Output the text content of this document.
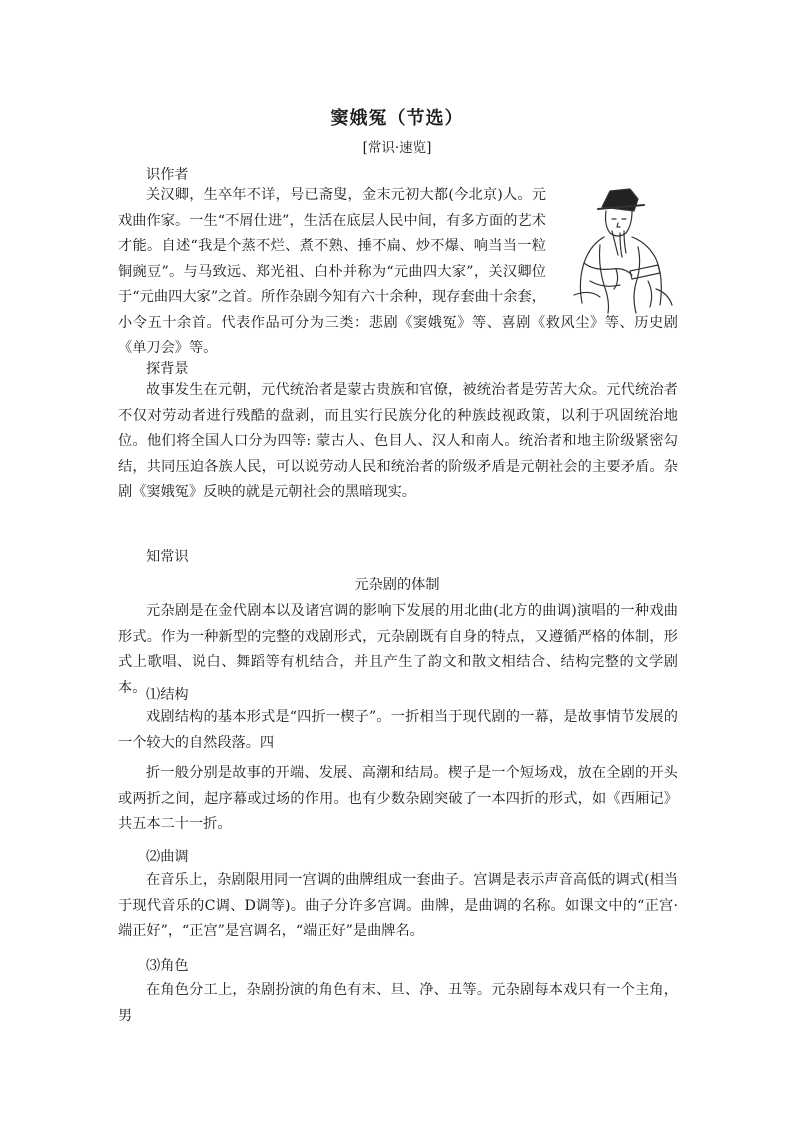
窦娥冤（节选）
[常识·速览]
识作者
关汉卿，生卒年不详，号已斋叟，金末元初大都(今北京)人。元戏曲作家。一生“不屑仕进”，生活在底层人民中间，有多方面的艺术才能。自述“我是个蒸不烂、煮不熟、捶不扁、炒不爆、响当当一粒铜豌豆”。与马致远、郑光祖、白朴并称为“元曲四大家”，关汉卿位于“元曲四大家”之首。所作杂剧今知有六十余种，现存套曲十余套，小令五十余首。代表作品可分为三类：悲剧《窦娥冤》等、喜剧《救风尘》等、历史剧《单刀会》等。
探背景
故事发生在元朝，元代统治者是蒙古贵族和官僚，被统治者是劳苦大众。元代统治者不仅对劳动者进行残酷的盘剥，而且实行民族分化的种族歧视政策，以利于巩固统治地位。他们将全国人口分为四等: 蒙古人、色目人、汉人和南人。统治者和地主阶级紧密勾结，共同压迫各族人民，可以说劳动人民和统治者的阶级矛盾是元朝社会的主要矛盾。杂剧《窦娥冤》反映的就是元朝社会的黑暗现实。
知常识
元杂剧的体制
元杂剧是在金代剧本以及诸宫调的影响下发展的用北曲(北方的曲调)演唱的一种戏曲形式。作为一种新型的完整的戏剧形式，元杂剧既有自身的特点，又遵循严格的体制，形式上歌唱、说白、舞蹈等有机结合，并且产生了韵文和散文相结合、结构完整的文学剧本。 ⑴结构
戏剧结构的基本形式是“四折一楔子”。一折相当于现代剧的一幕，是故事情节发展的一个较大的自然段落。四
折一般分别是故事的开端、发展、高潮和结局。楔子是一个短场戏，放在全剧的开头或两折之间，起序幕或过场的作用。也有少数杂剧突破了一本四折的形式，如《西厢记》共五本二十一折。
⑵曲调
在音乐上，杂剧限用同一宫调的曲牌组成一套曲子。宫调是表示声音高低的调式(相当于现代音乐的C调、D调等)。曲子分许多宫调。曲牌，是曲调的名称。如课文中的“正宫·端正好”，“正宫”是宫调名，“端正好”是曲牌名。
⑶角色
在角色分工上，杂剧扮演的角色有末、旦、净、丑等。元杂剧每本戏只有一个主角，男
